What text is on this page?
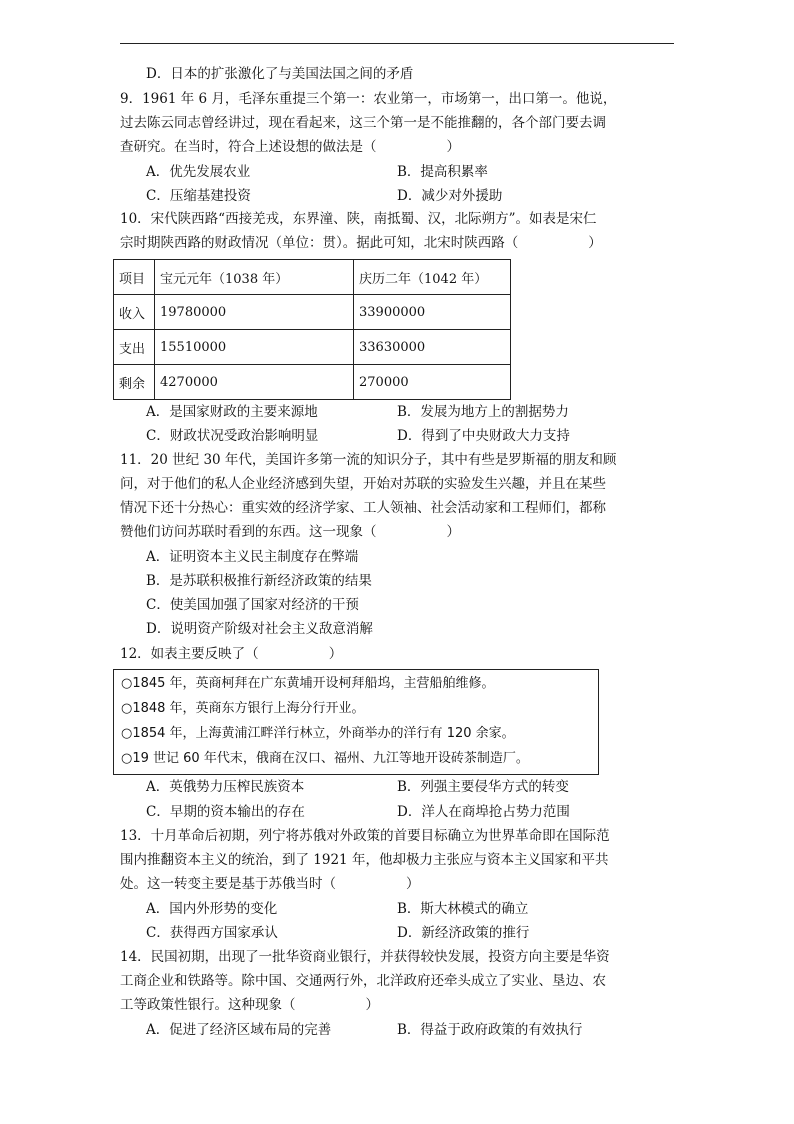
D．日本的扩张激化了与美国法国之间的矛盾
9．1961 年 6 月，毛泽东重提三个第一：农业第一，市场第一，出口第一。他说，
过去陈云同志曾经讲过，现在看起来，这三个第一是不能推翻的，各个部门要去调
查研究。在当时，符合上述设想的做法是（	）
A．优先发展农业	B．提高积累率
C．压缩基建投资	D．减少对外援助
10．宋代陕西路“西接羌戎，东界潼、陕，南抵蜀、汉，北际朔方”。如表是宋仁
宗时期陕西路的财政情况（单位：贯）。据此可知，北宋时陕西路（	）
项目	宝元元年（1038 年）	庆历二年（1042 年）
收入	19780000	33900000
支出	15510000	33630000
剩余	4270000	270000
A．是国家财政的主要来源地	B．发展为地方上的割据势力
C．财政状况受政治影响明显	D．得到了中央财政大力支持
11．20 世纪 30 年代，美国许多第一流的知识分子，其中有些是罗斯福的朋友和顾
问，对于他们的私人企业经济感到失望，开始对苏联的实验发生兴趣，并且在某些
情况下还十分热心：重实效的经济学家、工人领袖、社会活动家和工程师们，都称
赞他们访问苏联时看到的东西。这一现象（	）
A．证明资本主义民主制度存在弊端
B．是苏联积极推行新经济政策的结果
C．使美国加强了国家对经济的干预
D．说明资产阶级对社会主义敌意消解
12．如表主要反映了（	）
○1845 年，英商柯拜在广东黄埔开设柯拜船坞，主营船舶维修。
○1848 年，英商东方银行上海分行开业。
○1854 年，上海黄浦江畔洋行林立，外商举办的洋行有 120 余家。
○19 世记 60 年代末，俄商在汉口、福州、九江等地开设砖茶制造厂。
A．英俄势力压榨民族资本	B．列强主要侵华方式的转变
C．早期的资本输出的存在	D．洋人在商埠抢占势力范围
13．十月革命后初期，列宁将苏俄对外政策的首要目标确立为世界革命即在国际范
围内推翻资本主义的统治，到了 1921 年，他却极力主张应与资本主义国家和平共
处。这一转变主要是基于苏俄当时（	）
A．国内外形势的变化	B．斯大林模式的确立
C．获得西方国家承认	D．新经济政策的推行
14．民国初期，出现了一批华资商业银行，并获得较快发展，投资方向主要是华资
工商企业和铁路等。除中国、交通两行外，北洋政府还牵头成立了实业、垦边、农
工等政策性银行。这种现象（	）
A．促进了经济区域布局的完善	B．得益于政府政策的有效执行
